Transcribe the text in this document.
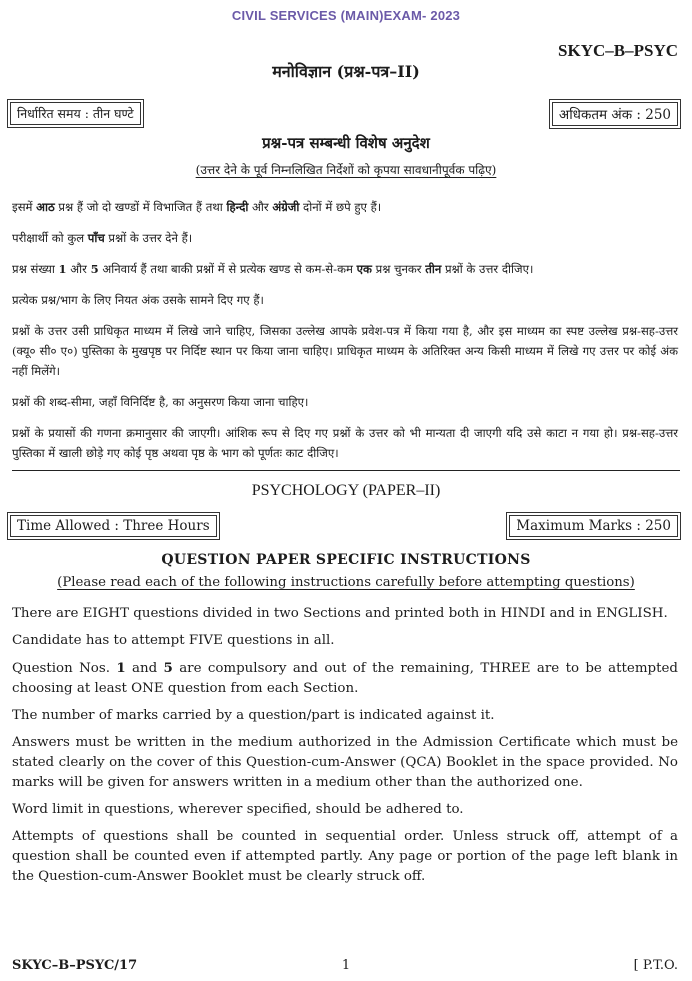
CIVIL SERVICES (MAIN)EXAM- 2023
SKYC–B–PSYC
मनोविज्ञान (प्रश्न-पत्र–II)
निर्धारित समय : तीन घण्टे	अधिकतम अंक : 250
प्रश्न-पत्र सम्बन्धी विशेष अनुदेश
(उत्तर देने के पूर्व निम्नलिखित निर्देशों को कृपया सावधानीपूर्वक पढ़िए)

इसमें आठ प्रश्न हैं जो दो खण्डों में विभाजित हैं तथा हिन्दी और अंग्रेजी दोनों में छपे हुए हैं।

परीक्षार्थी को कुल पाँच प्रश्नों के उत्तर देने हैं।

प्रश्न संख्या 1 और 5 अनिवार्य हैं तथा बाकी प्रश्नों में से प्रत्येक खण्ड से कम-से-कम एक प्रश्न चुनकर तीन प्रश्नों के उत्तर दीजिए।

प्रत्येक प्रश्न/भाग के लिए नियत अंक उसके सामने दिए गए हैं।

प्रश्नों के उत्तर उसी प्राधिकृत माध्यम में लिखे जाने चाहिए, जिसका उल्लेख आपके प्रवेश-पत्र में किया गया है, और इस माध्यम का स्पष्ट उल्लेख प्रश्न-सह-उत्तर (क्यू० सी० ए०) पुस्तिका के मुखपृष्ठ पर निर्दिष्ट स्थान पर किया जाना चाहिए। प्राधिकृत माध्यम के अतिरिक्त अन्य किसी माध्यम में लिखे गए उत्तर पर कोई अंक नहीं मिलेंगे।

प्रश्नों की शब्द-सीमा, जहाँ विनिर्दिष्ट है, का अनुसरण किया जाना चाहिए।

प्रश्नों के प्रयासों की गणना क्रमानुसार की जाएगी। आंशिक रूप से दिए गए प्रश्नों के उत्तर को भी मान्यता दी जाएगी यदि उसे काटा न गया हो। प्रश्न-सह-उत्तर पुस्तिका में खाली छोड़े गए कोई पृष्ठ अथवा पृष्ठ के भाग को पूर्णतः काट दीजिए।

PSYCHOLOGY (PAPER–II)
Time Allowed : Three Hours	Maximum Marks : 250
QUESTION PAPER SPECIFIC INSTRUCTIONS
(Please read each of the following instructions carefully before attempting questions)

There are EIGHT questions divided in two Sections and printed both in HINDI and in ENGLISH.

Candidate has to attempt FIVE questions in all.

Question Nos. 1 and 5 are compulsory and out of the remaining, THREE are to be attempted choosing at least ONE question from each Section.

The number of marks carried by a question/part is indicated against it.

Answers must be written in the medium authorized in the Admission Certificate which must be stated clearly on the cover of this Question-cum-Answer (QCA) Booklet in the space provided. No marks will be given for answers written in a medium other than the authorized one.

Word limit in questions, wherever specified, should be adhered to.

Attempts of questions shall be counted in sequential order. Unless struck off, attempt of a question shall be counted even if attempted partly. Any page or portion of the page left blank in the Question-cum-Answer Booklet must be clearly struck off.

SKYC–B–PSYC/17	1	[ P.T.O.
